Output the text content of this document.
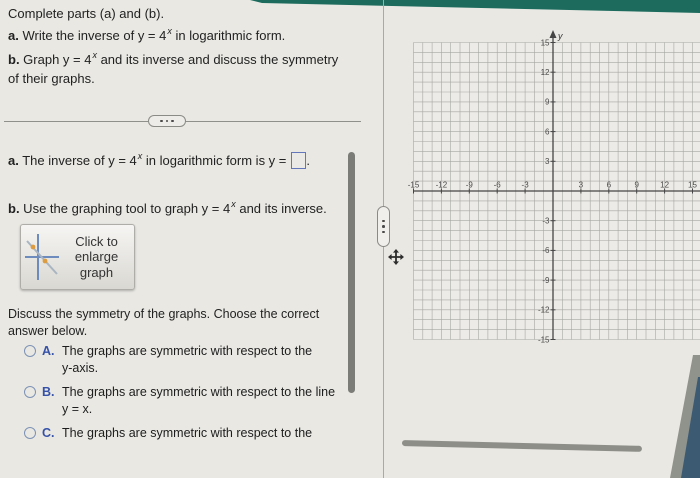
Complete parts (a) and (b).
a. Write the inverse of $y = 4^x$ in logarithmic form.
b. Graph $y = 4^x$ and its inverse and discuss the symmetry
of their graphs.
a. The inverse of $y = 4^x$ in logarithmic form is y = .
b. Use the graphing tool to graph $y = 4^x$ and its inverse.
Click to
enlarge
graph
Discuss the symmetry of the graphs. Choose the correct
answer below.
A. The graphs are symmetric with respect to the
y-axis.
B. The graphs are symmetric with respect to the line
y = x.
C. The graphs are symmetric with respect to the
y
-15 -12 -9	-6	-3	3	6	9	12 15
15
12
9
6
3
-3
-6
-9
-12
-15
